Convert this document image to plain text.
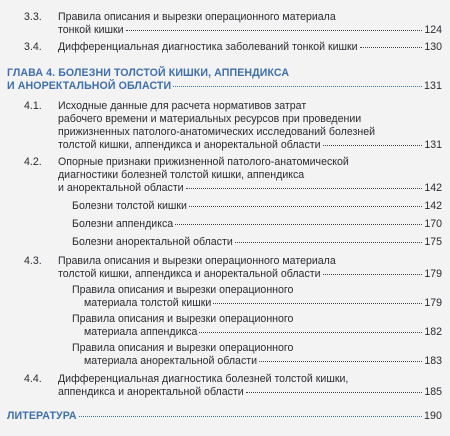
3.3. Правила описания и вырезки операционного материала
тонкой кишки	124
3.4. Дифференциальная диагностика заболеваний тонкой кишки	130
ГЛАВА 4. БОЛЕЗНИ ТОЛСТОЙ КИШКИ, АППЕНДИКСА
И АНОРЕКТАЛЬНОЙ ОБЛАСТИ	131
4.1. Исходные данные для расчета нормативов затрат
рабочего времени и материальных ресурсов при проведении
прижизненных патолого-анатомических исследований болезней
толстой кишки, аппендикса и аноректальной области	131
4.2. Опорные признаки прижизненной патолого-анатомической
диагностики болезней толстой кишки, аппендикса
и аноректальной области	142
Болезни толстой кишки	142
Болезни аппендикса	170
Болезни аноректальной области	175
4.3. Правила описания и вырезки операционного материала
толстой кишки, аппендикса и аноректальной области	179
Правила описания и вырезки операционного
материала толстой кишки	179
Правила описания и вырезки операционного
материала аппендикса	182
Правила описания и вырезки операционного
материала аноректальной области	183
4.4. Дифференциальная диагностика болезней толстой кишки,
аппендикса и аноректальной области	185
ЛИТЕРАТУРА	190
